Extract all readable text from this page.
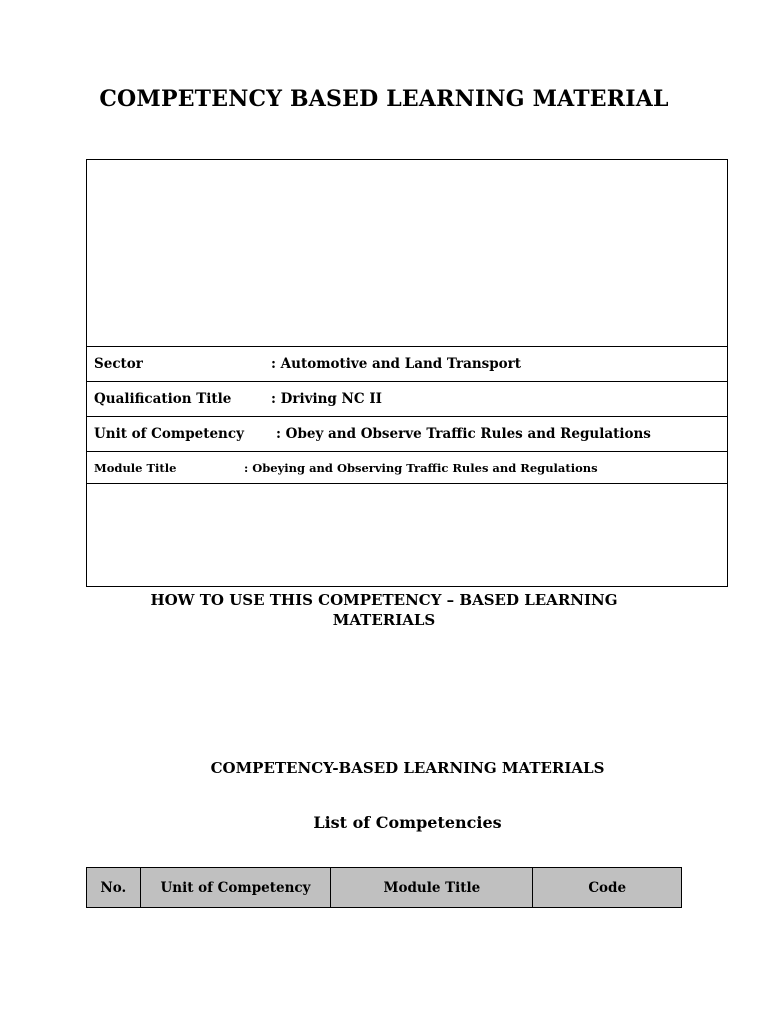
COMPETENCY BASED LEARNING MATERIAL
Sector	: Automotive and Land Transport
Qualification Title	: Driving NC II
Unit of Competency : Obey and Observe Traffic Rules and Regulations
Module Title	: Obeying and Observing Traffic Rules and Regulations
HOW TO USE THIS COMPETENCY – BASED LEARNING
MATERIALS
COMPETENCY-BASED LEARNING MATERIALS
List of Competencies
No.	Unit of Competency	Module Title	Code
